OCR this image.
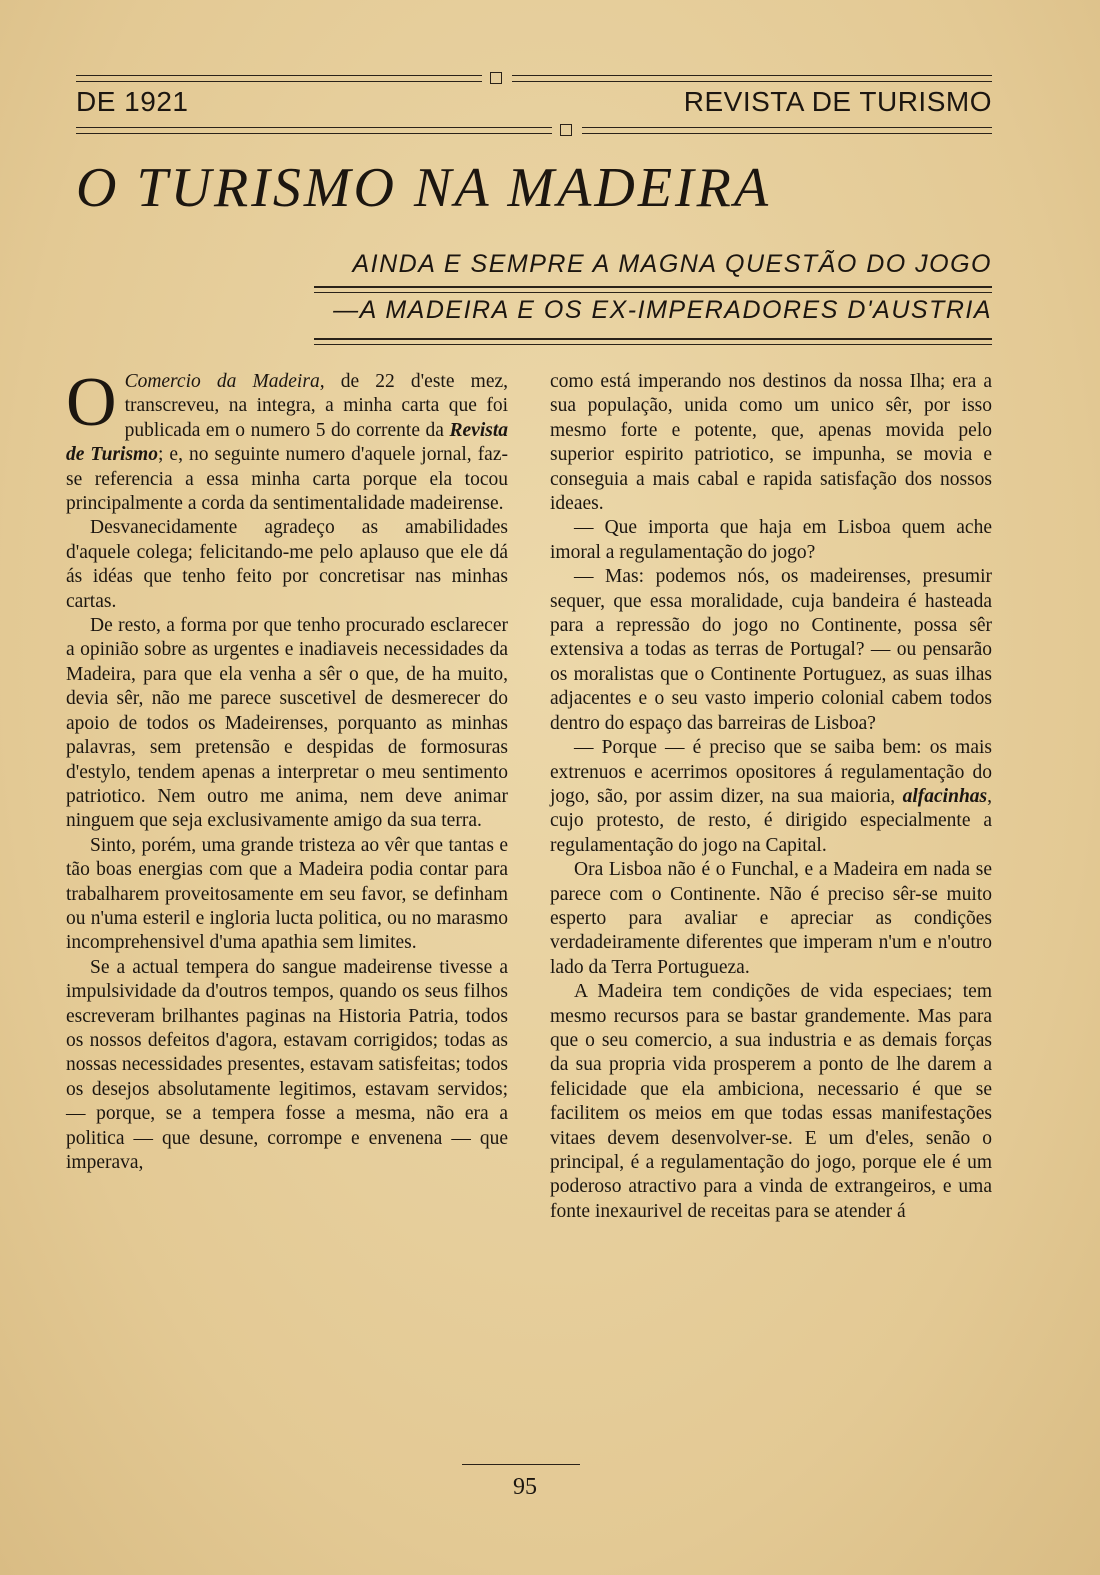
DE 1921	REVISTA DE TURISMO
O TURISMO NA MADEIRA
AINDA E SEMPRE A MAGNA QUESTÃO DO JOGO
—A MADEIRA E OS EX-IMPERADORES D'AUSTRIA

O Comercio da Madeira, de 22 d'este mez, transcreveu, na integra, a minha carta que foi publicada em o numero 5 do corrente da Revista de Turismo; e, no seguinte numero d'aquele jornal, faz-se referencia a essa minha carta porque ela tocou principalmente a corda da sentimentalidade madeirense.

Desvanecidamente agradeço as amabilidades d'aquele colega; felicitando-me pelo aplauso que ele dá ás idéas que tenho feito por concretisar nas minhas cartas.

De resto, a forma por que tenho procurado esclarecer a opinião sobre as urgentes e inadiaveis necessidades da Madeira, para que ela venha a sêr o que, de ha muito, devia sêr, não me parece suscetivel de desmerecer do apoio de todos os Madeirenses, porquanto as minhas palavras, sem pretensão e despidas de formosuras d'estylo, tendem apenas a interpretar o meu sentimento patriotico. Nem outro me anima, nem deve animar ninguem que seja exclusivamente amigo da sua terra.

Sinto, porém, uma grande tristeza ao vêr que tantas e tão boas energias com que a Madeira podia contar para trabalharem proveitosamente em seu favor, se definham ou n'uma esteril e ingloria lucta politica, ou no marasmo incomprehensivel d'uma apathia sem limites.

Se a actual tempera do sangue madeirense tivesse a impulsividade da d'outros tempos, quando os seus filhos escreveram brilhantes paginas na Historia Patria, todos os nossos defeitos d'agora, estavam corrigidos; todas as nossas necessidades presentes, estavam satisfeitas; todos os desejos absolutamente legitimos, estavam servidos; — porque, se a tempera fosse a mesma, não era a politica — que desune, corrompe e envenena — que imperava,

como está imperando nos destinos da nossa Ilha; era a sua população, unida como um unico sêr, por isso mesmo forte e potente, que, apenas movida pelo superior espirito patriotico, se impunha, se movia e conseguia a mais cabal e rapida satisfação dos nossos ideaes.

— Que importa que haja em Lisboa quem ache imoral a regulamentação do jogo?

— Mas: podemos nós, os madeirenses, presumir sequer, que essa moralidade, cuja bandeira é hasteada para a repressão do jogo no Continente, possa sêr extensiva a todas as terras de Portugal? — ou pensarão os moralistas que o Continente Portuguez, as suas ilhas adjacentes e o seu vasto imperio colonial cabem todos dentro do espaço das barreiras de Lisboa?

— Porque — é preciso que se saiba bem: os mais extrenuos e acerrimos opositores á regulamentação do jogo, são, por assim dizer, na sua maioria, alfacinhas, cujo protesto, de resto, é dirigido especialmente a regulamentação do jogo na Capital.

Ora Lisboa não é o Funchal, e a Madeira em nada se parece com o Continente. Não é preciso sêr-se muito esperto para avaliar e apreciar as condições verdadeiramente diferentes que imperam n'um e n'outro lado da Terra Portugueza.

A Madeira tem condições de vida especiaes; tem mesmo recursos para se bastar grandemente. Mas para que o seu comercio, a sua industria e as demais forças da sua propria vida prosperem a ponto de lhe darem a felicidade que ela ambiciona, necessario é que se facilitem os meios em que todas essas manifestações vitaes devem desenvolver-se. E um d'eles, senão o principal, é a regulamentação do jogo, porque ele é um poderoso atractivo para a vinda de extrangeiros, e uma fonte inexaurivel de receitas para se atender á

95
